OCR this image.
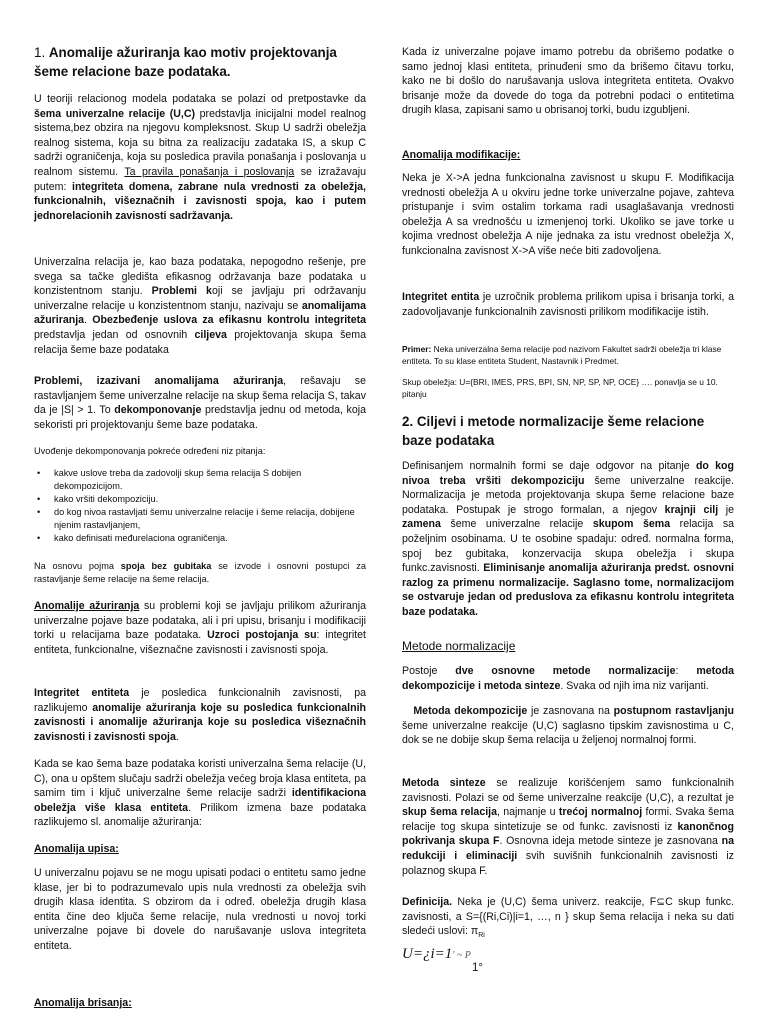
1. Anomalije ažuriranja kao motiv projektovanja šeme relacione baze podataka.

U teoriji relacionog modela podataka se polazi od pretpostavke da šema univerzalne relacije (U,C) predstavlja inicijalni model realnog sistema,bez obzira na njegovu kompleksnost. Skup U sadrži obeležja realnog sistema, koja su bitna za realizaciju zadataka IS, a skup C sadrži ograničenja, koja su posledica pravila ponašanja i poslovanja u realnom sistemu. Ta pravila ponašanja i poslovanja se izražavaju putem: integriteta domena, zabrane nula vrednosti za obeležja, funkcionalnih, višeznačnih i zavisnosti spoja, kao i putem jednorelacionih zavisnosti sadržavanja.

Univerzalna relacija je, kao baza podataka, nepogodno rešenje, pre svega sa tačke gledišta efikasnog održavanja baze podataka u konzistentnom stanju. Problemi koji se javljaju pri održavanju univerzalne relacije u konzistentnom stanju, nazivaju se anomalijama ažuriranja. Obezbeđenje uslova za efikasnu kontrolu integriteta predstavlja jedan od osnovnih ciljeva projektovanja skupa šema relacija šeme baze podataka

Problemi, izazivani anomalijama ažuriranja, rešavaju se rastavljanjem šeme univerzalne relacije na skup šema relacija S, takav da je |S| > 1. To dekomponovanje predstavlja jednu od metoda, koja sekoristi pri projektovanju šeme baze podataka.

Uvođenje dekomponovanja pokreće određeni niz pitanja:

• kakve uslove treba da zadovolji skup šema relacija S dobijen dekompozicijom.
• kako vršiti dekompoziciju.
• do kog nivoa rastavljati šemu univerzalne relacije i šeme relacija, dobijene njenim rastavljanjem,
• kako definisati međurelaciona ograničenja.

Na osnovu pojma spoja bez gubitaka se izvode i osnovni postupci za rastavljanje šeme relacije na šeme relacija.

Anomalije ažuriranja su problemi koji se javljaju prilikom ažuriranja univerzalne pojave baze podataka, ali i pri upisu, brisanju i modifikaciji torki u relacijama baze podataka. Uzroci postojanja su: integritet entiteta, funkcionalne, višeznačne zavisnosti i zavisnosti spoja.

Integritet entiteta je posledica funkcionalnih zavisnosti, pa razlikujemo anomalije ažuriranja koje su posledica funkcionalnih zavisnosti i anomalije ažuriranja koje su posledica višeznačnih zavisnosti i zavisnosti spoja.

Kada se kao šema baze podataka koristi univerzalna šema relacije (U, C), ona u opštem slučaju sadrži obeležja većeg broja klasa entiteta, pa samim tim i ključ univerzalne šeme relacije sadrži identifikaciona obeležja više klasa entiteta. Prilikom izmena baze podataka razlikujemo sl. anomalije ažuriranja:

Anomalija upisa:

U univerzalnu pojavu se ne mogu upisati podaci o entitetu samo jedne klase, jer bi to podrazumevalo upis nula vrednosti za obeležja svih drugih klasa identita. S obzirom da i određ. obeležja drugih klasa entita čine deo ključa šeme relacije, nula vrednosti u novoj torki univerzalne pojave bi dovele do narušavanje uslova integriteta entiteta.

Anomalija brisanja:

Kada iz univerzalne pojave imamo potrebu da obrišemo podatke o samo jednoj klasi entiteta, prinuđeni smo da brišemo čitavu torku, kako ne bi došlo do narušavanja uslova integriteta entiteta. Ovakvo brisanje može da dovede do toga da potrebni podaci o entitetima drugih klasa, zapisani samo u obrisanoj torki, budu izgubljeni.

Anomalija modifikacije:

Neka je X->A jedna funkcionalna zavisnost u skupu F. Modifikacija vrednosti obeležja A u okviru jedne torke univerzalne pojave, zahteva pristupanje i svim ostalim torkama radi usaglašavanja vrednosti obeležja A sa vrednošću u izmenjenoj torki. Ukoliko se jave torke u kojima vrednost obeležja A nije jednaka za istu vrednost obeležja X, funkcionalna zavisnost X->A više neće biti zadovoljena.

Integritet entita je uzročnik problema prilikom upisa i brisanja torki, a zadovoljavanje funkcionalnih zavisnosti prilikom modifikacije istih.

Primer: Neka univerzalna šema relacije pod nazivom Fakultet sadrži obeležja tri klase entiteta. To su klase entiteta Student, Nastavnik i Predmet.

Skup obeležja: U={BRI, IMES, PRS, BPI, SN, NP, SP, NP, OCE} …. ponavlja se u 10. pitanju

2. Ciljevi i metode normalizacije šeme relacione baze podataka

Definisanjem normalnih formi se daje odgovor na pitanje do kog nivoa treba vršiti dekompoziciju šeme univerzalne reakcije. Normalizacija je metoda projektovanja skupa šeme relacione baze podataka. Postupak je strogo formalan, a njegov krajnji cilj je zamena šeme univerzalne relacije skupom šema relacija sa poželjnim osobinama. U te osobine spadaju: određ. normalna forma, spoj bez gubitaka, konzervacija skupa obeležja i skupa funkc.zavisnosti. Eliminisanje anomalija ažuriranja predst. osnovni razlog za primenu normalizacije. Saglasno tome, normalizacijom se ostvaruje jedan od preduslova za efikasnu kontrolu integriteta baze podataka.

Metode normalizacije

Postoje dve osnovne metode normalizacije: metoda dekompozicije i metoda sinteze. Svaka od njih ima niz varijanti.

Metoda dekompozicije je zasnovana na postupnom rastavljanju šeme univerzalne reakcije (U,C) saglasno tipskim zavisnostima u C, dok se ne dobije skup šema relacija u željenoj normalnoj formi.

Metoda sinteze se realizuje korišćenjem samo funkcionalnih zavisnosti. Polazi se od šeme univerzalne reakcije (U,C), a rezultat je skup šema relacija, najmanje u trećoj normalnoj formi. Svaka šema relacije tog skupa sintetizuje se od funkc. zavisnosti iz kanončnog pokrivanja skupa F. Osnovna ideja metode sinteze je zasnovana na redukciji i eliminaciji svih suvišnih funkcionalnih zavisnosti iz polaznog skupa F.

Definicija. Neka je (U,C) šema univerz. reakcije, F⊆C skup funkc. zavisnosti, a S={(Ri,Ci)|i=1, …, n } skup šema relacija i neka su dati sledeći uslovi: $\pi_{Ri}$

U=¿i=1' ~ P
1°
